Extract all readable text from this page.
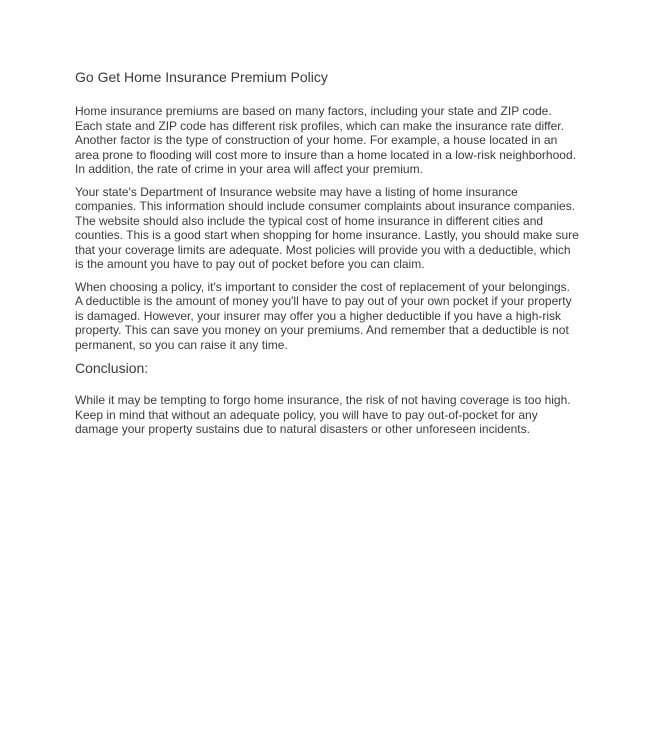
Go Get Home Insurance Premium Policy

Home insurance premiums are based on many factors, including your state and ZIP code. Each state and ZIP code has different risk profiles, which can make the insurance rate differ. Another factor is the type of construction of your home. For example, a house located in an area prone to flooding will cost more to insure than a home located in a low-risk neighborhood. In addition, the rate of crime in your area will affect your premium.

Your state's Department of Insurance website may have a listing of home insurance companies. This information should include consumer complaints about insurance companies. The website should also include the typical cost of home insurance in different cities and counties. This is a good start when shopping for home insurance. Lastly, you should make sure that your coverage limits are adequate. Most policies will provide you with a deductible, which is the amount you have to pay out of pocket before you can claim.

When choosing a policy, it's important to consider the cost of replacement of your belongings. A deductible is the amount of money you'll have to pay out of your own pocket if your property is damaged. However, your insurer may offer you a higher deductible if you have a high-risk property. This can save you money on your premiums. And remember that a deductible is not permanent, so you can raise it any time.

Conclusion:

While it may be tempting to forgo home insurance, the risk of not having coverage is too high. Keep in mind that without an adequate policy, you will have to pay out-of-pocket for any damage your property sustains due to natural disasters or other unforeseen incidents.
